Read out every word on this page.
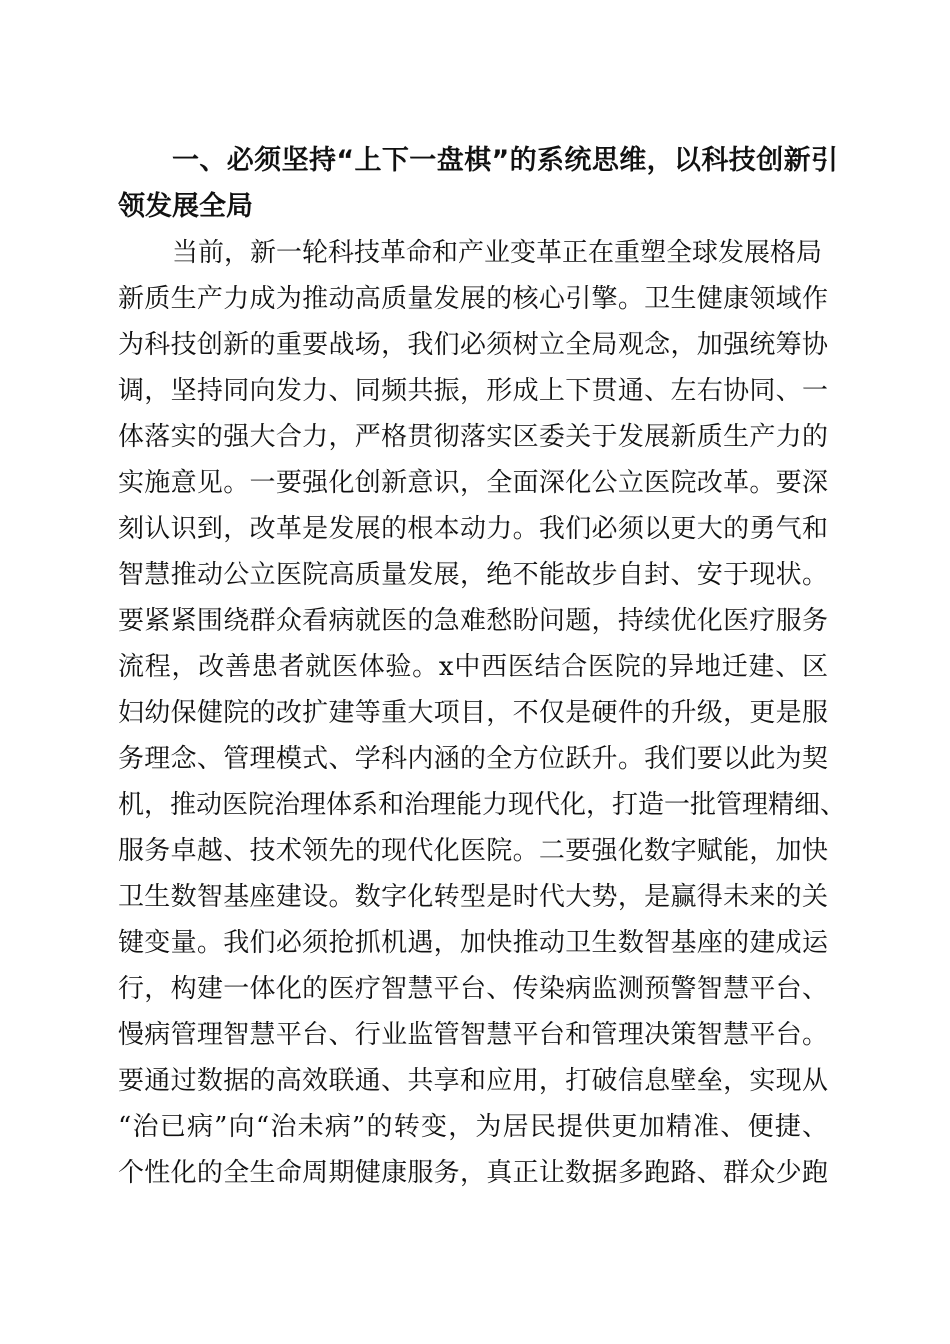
一、必须坚持“上下一盘棋”的系统思维，以科技创新引领发展全局

当前，新一轮科技革命和产业变革正在重塑全球发展格局
新质生产力成为推动高质量发展的核心引擎。卫生健康领域作
为科技创新的重要战场，我们必须树立全局观念，加强统筹协
调，坚持同向发力、同频共振，形成上下贯通、左右协同、一
体落实的强大合力，严格贯彻落实区委关于发展新质生产力的
实施意见。一要强化创新意识，全面深化公立医院改革。要深
刻认识到，改革是发展的根本动力。我们必须以更大的勇气和
智慧推动公立医院高质量发展，绝不能故步自封、安于现状。
要紧紧围绕群众看病就医的急难愁盼问题，持续优化医疗服务
流程，改善患者就医体验。x中西医结合医院的异地迁建、区
妇幼保健院的改扩建等重大项目，不仅是硬件的升级，更是服
务理念、管理模式、学科内涵的全方位跃升。我们要以此为契
机，推动医院治理体系和治理能力现代化，打造一批管理精细、
服务卓越、技术领先的现代化医院。二要强化数字赋能，加快
卫生数智基座建设。数字化转型是时代大势，是赢得未来的关
键变量。我们必须抢抓机遇，加快推动卫生数智基座的建成运
行，构建一体化的医疗智慧平台、传染病监测预警智慧平台、
慢病管理智慧平台、行业监管智慧平台和管理决策智慧平台。
要通过数据的高效联通、共享和应用，打破信息壁垒，实现从
“治已病”向“治未病”的转变，为居民提供更加精准、便捷、
个性化的全生命周期健康服务，真正让数据多跑路、群众少跑
